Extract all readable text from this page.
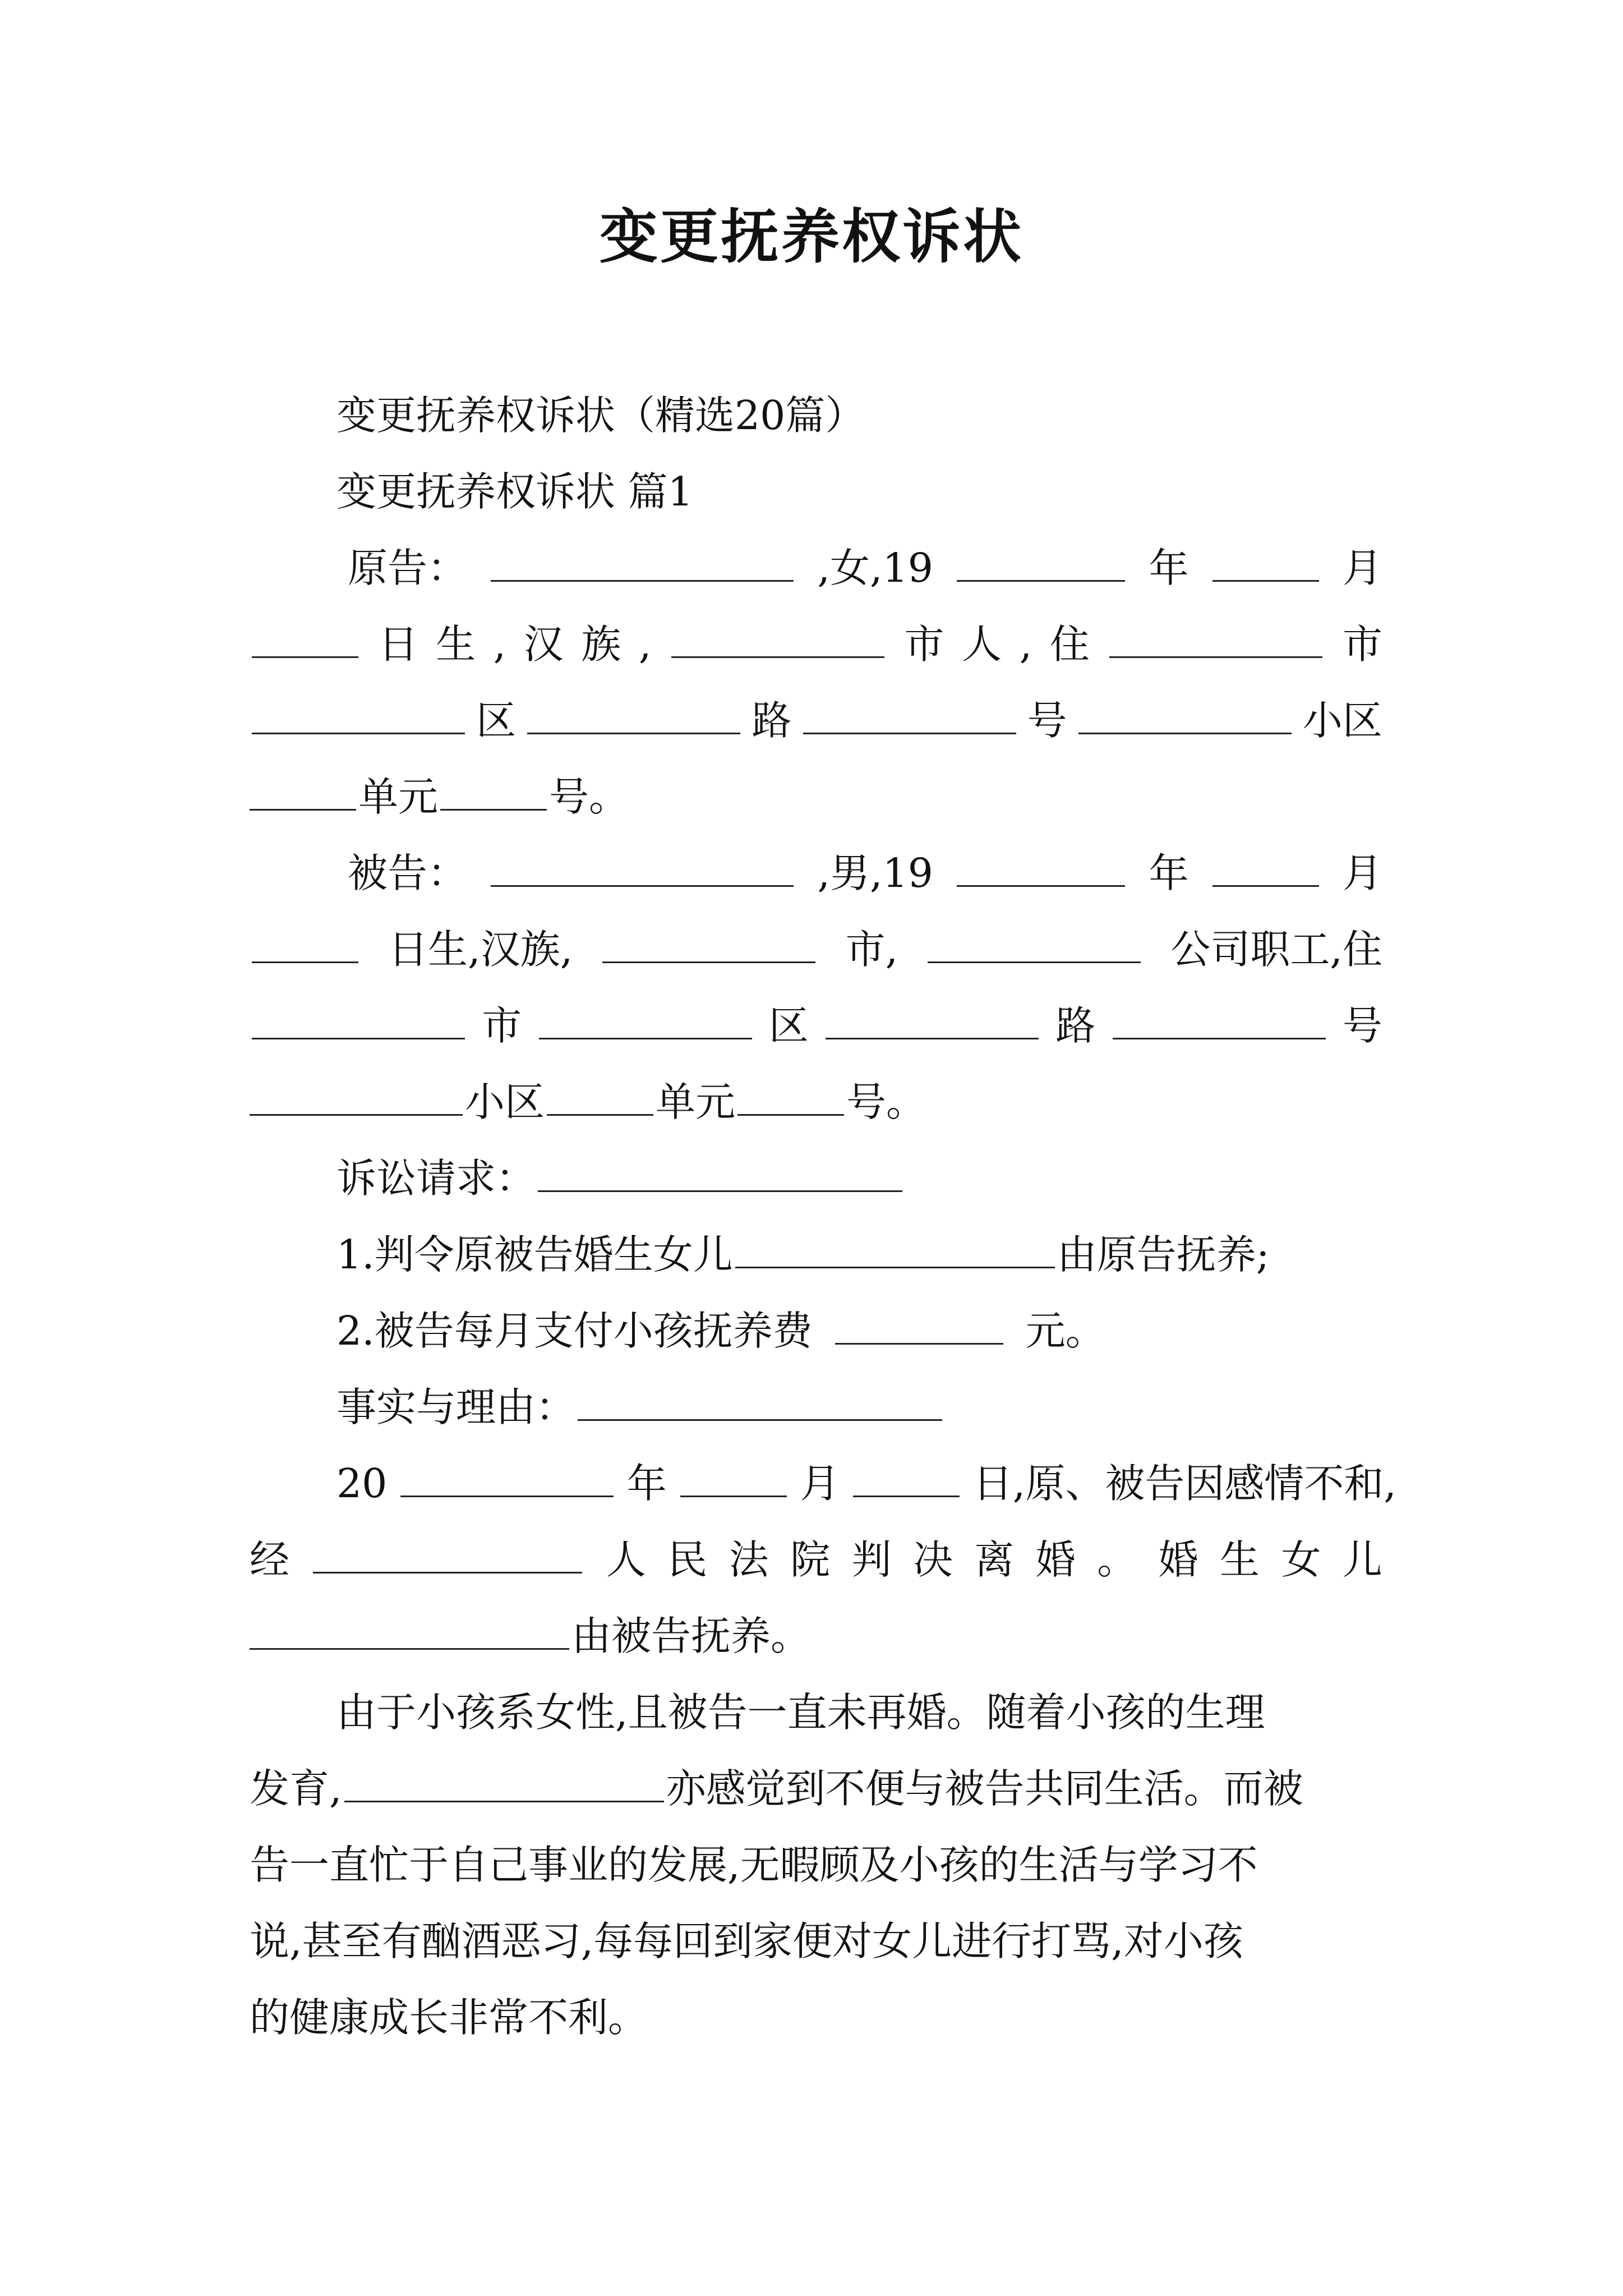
变更抚养权诉状
变更抚养权诉状（精选20篇）
变更抚养权诉状 篇1
原告：	,女,19	年	月
日 生 , 汉 族 ,	市 人 , 住	市
区	路	号	小区
单元	号。
被告：	,男,19	年	月
日生,汉族,	市,	公司职工,住
市	区	路	号
小区	单元	号。
诉讼请求：
1.判令原被告婚生女儿	由原告抚养;
2.被告每月支付小孩抚养费	元。
事实与理由：
20	年	月	日,原、被告因感情不和,
经	人 民 法 院 判 决 离 婚 。 婚 生 女 儿
由被告抚养。
由于小孩系女性,且被告一直未再婚。随着小孩的生理
发育,	亦感觉到不便与被告共同生活。而被
告一直忙于自己事业的发展,无暇顾及小孩的生活与学习不
说,甚至有酗酒恶习,每每回到家便对女儿进行打骂,对小孩
的健康成长非常不利。
